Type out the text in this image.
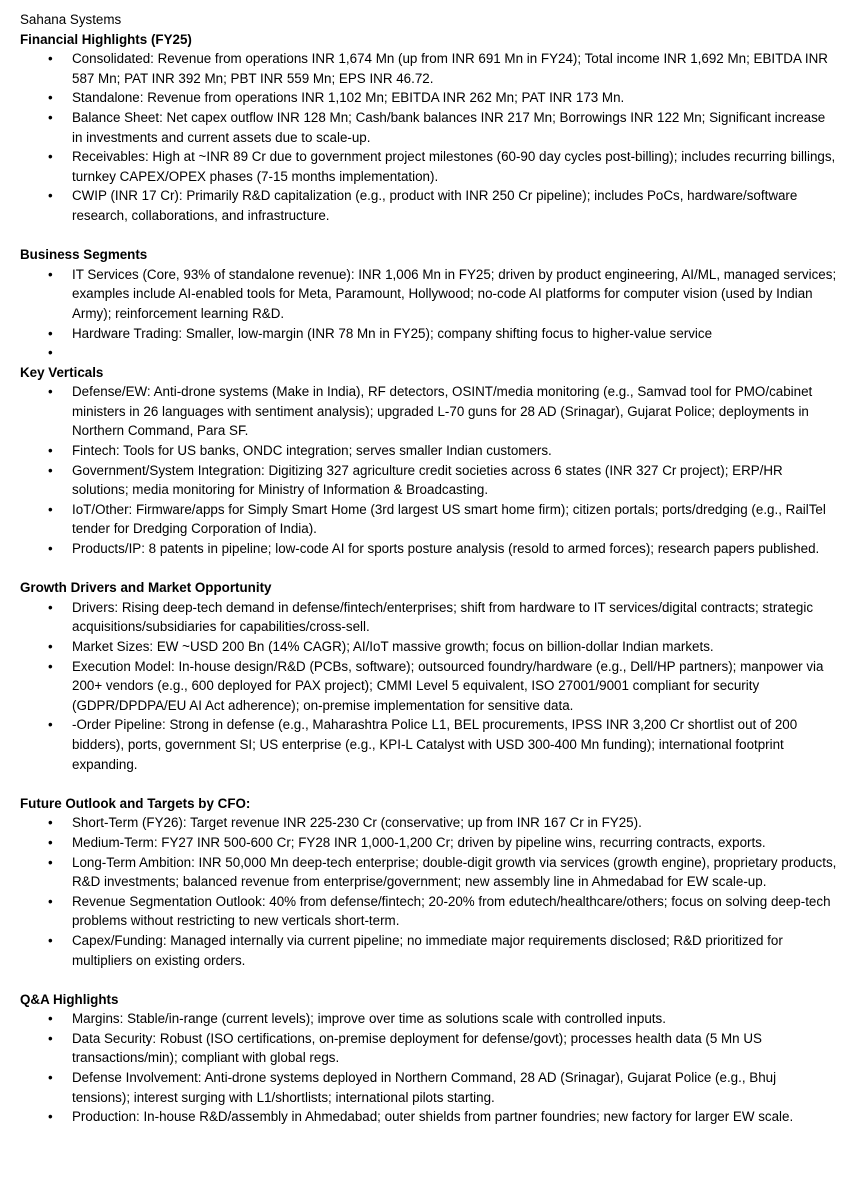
Sahana Systems
Financial Highlights (FY25)
• Consolidated: Revenue from operations INR 1,674 Mn (up from INR 691 Mn in FY24); Total income INR 1,692 Mn; EBITDA INR 587 Mn; PAT INR 392 Mn; PBT INR 559 Mn; EPS INR 46.72.
• Standalone: Revenue from operations INR 1,102 Mn; EBITDA INR 262 Mn; PAT INR 173 Mn.
• Balance Sheet: Net capex outflow INR 128 Mn; Cash/bank balances INR 217 Mn; Borrowings INR 122 Mn; Significant increase in investments and current assets due to scale-up.
• Receivables: High at ~INR 89 Cr due to government project milestones (60-90 day cycles post-billing); includes recurring billings, turnkey CAPEX/OPEX phases (7-15 months implementation).
• CWIP (INR 17 Cr): Primarily R&D capitalization (e.g., product with INR 250 Cr pipeline); includes PoCs, hardware/software research, collaborations, and infrastructure.
Business Segments
• IT Services (Core, 93% of standalone revenue): INR 1,006 Mn in FY25; driven by product engineering, AI/ML, managed services; examples include AI-enabled tools for Meta, Paramount, Hollywood; no-code AI platforms for computer vision (used by Indian Army); reinforcement learning R&D.
• Hardware Trading: Smaller, low-margin (INR 78 Mn in FY25); company shifting focus to higher-value service
•
Key Verticals
• Defense/EW: Anti-drone systems (Make in India), RF detectors, OSINT/media monitoring (e.g., Samvad tool for PMO/cabinet ministers in 26 languages with sentiment analysis); upgraded L-70 guns for 28 AD (Srinagar), Gujarat Police; deployments in Northern Command, Para SF.
• Fintech: Tools for US banks, ONDC integration; serves smaller Indian customers.
• Government/System Integration: Digitizing 327 agriculture credit societies across 6 states (INR 327 Cr project); ERP/HR solutions; media monitoring for Ministry of Information & Broadcasting.
• IoT/Other: Firmware/apps for Simply Smart Home (3rd largest US smart home firm); citizen portals; ports/dredging (e.g., RailTel tender for Dredging Corporation of India).
• Products/IP: 8 patents in pipeline; low-code AI for sports posture analysis (resold to armed forces); research papers published.
Growth Drivers and Market Opportunity
• Drivers: Rising deep-tech demand in defense/fintech/enterprises; shift from hardware to IT services/digital contracts; strategic acquisitions/subsidiaries for capabilities/cross-sell.
• Market Sizes: EW ~USD 200 Bn (14% CAGR); AI/IoT massive growth; focus on billion-dollar Indian markets.
• Execution Model: In-house design/R&D (PCBs, software); outsourced foundry/hardware (e.g., Dell/HP partners); manpower via 200+ vendors (e.g., 600 deployed for PAX project); CMMI Level 5 equivalent, ISO 27001/9001 compliant for security (GDPR/DPDPA/EU AI Act adherence); on-premise implementation for sensitive data.
• -Order Pipeline: Strong in defense (e.g., Maharashtra Police L1, BEL procurements, IPSS INR 3,200 Cr shortlist out of 200 bidders), ports, government SI; US enterprise (e.g., KPI-L Catalyst with USD 300-400 Mn funding); international footprint expanding.
Future Outlook and Targets by CFO:
• Short-Term (FY26): Target revenue INR 225-230 Cr (conservative; up from INR 167 Cr in FY25).
• Medium-Term: FY27 INR 500-600 Cr; FY28 INR 1,000-1,200 Cr; driven by pipeline wins, recurring contracts, exports.
• Long-Term Ambition: INR 50,000 Mn deep-tech enterprise; double-digit growth via services (growth engine), proprietary products, R&D investments; balanced revenue from enterprise/government; new assembly line in Ahmedabad for EW scale-up.
• Revenue Segmentation Outlook: 40% from defense/fintech; 20-20% from edutech/healthcare/others; focus on solving deep-tech problems without restricting to new verticals short-term.
• Capex/Funding: Managed internally via current pipeline; no immediate major requirements disclosed; R&D prioritized for multipliers on existing orders.
Q&A Highlights
• Margins: Stable/in-range (current levels); improve over time as solutions scale with controlled inputs.
• Data Security: Robust (ISO certifications, on-premise deployment for defense/govt); processes health data (5 Mn US transactions/min); compliant with global regs.
• Defense Involvement: Anti-drone systems deployed in Northern Command, 28 AD (Srinagar), Gujarat Police (e.g., Bhuj tensions); interest surging with L1/shortlists; international pilots starting.
• Production: In-house R&D/assembly in Ahmedabad; outer shields from partner foundries; new factory for larger EW scale.
